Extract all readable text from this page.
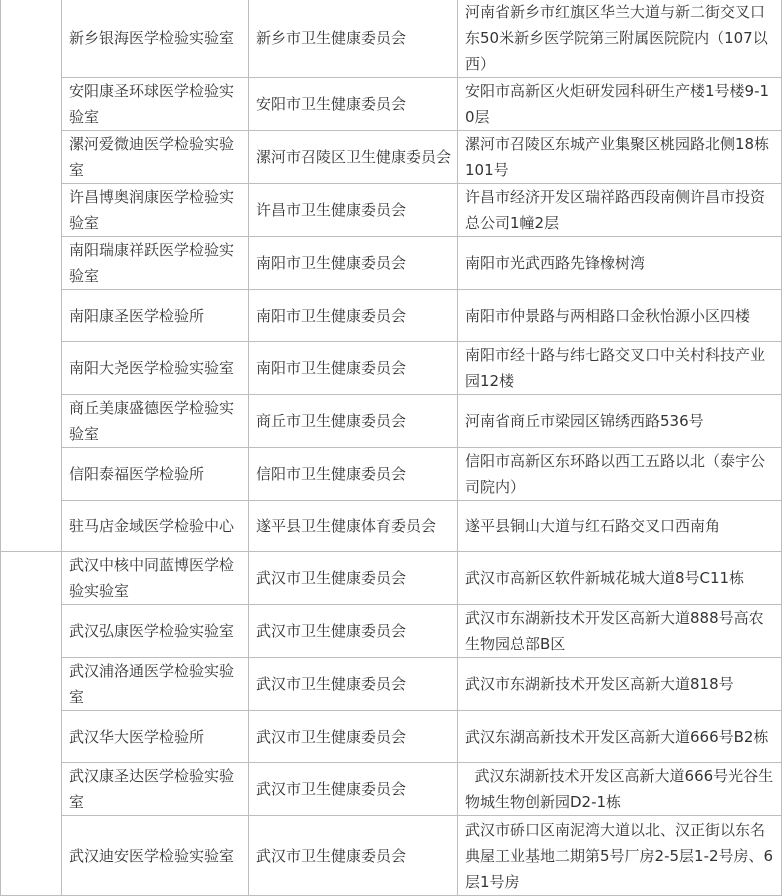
	新乡银海医学检验实验室	新乡市卫生健康委员会	河南省新乡市红旗区华兰大道与新二街交叉口东50米新乡医学院第三附属医院院内（107以西）
	安阳康圣环球医学检验实验室	安阳市卫生健康委员会	安阳市高新区火炬研发园科研生产楼1号楼9-10层
	漯河爱微迪医学检验实验室	漯河市召陵区卫生健康委员会	漯河市召陵区东城产业集聚区桃园路北侧18栋101号
	许昌博奥润康医学检验实验室	许昌市卫生健康委员会	许昌市经济开发区瑞祥路西段南侧许昌市投资总公司1幢2层
	南阳瑞康祥跃医学检验实验室	南阳市卫生健康委员会	南阳市光武西路先锋橡树湾
	南阳康圣医学检验所	南阳市卫生健康委员会	南阳市仲景路与两相路口金秋怡源小区四楼
	南阳大尧医学检验实验室	南阳市卫生健康委员会	南阳市经十路与纬七路交叉口中关村科技产业园12楼
	商丘美康盛德医学检验实验室	商丘市卫生健康委员会	河南省商丘市梁园区锦绣西路536号
	信阳泰福医学检验所	信阳市卫生健康委员会	信阳市高新区东环路以西工五路以北（泰宇公司院内）
	驻马店金域医学检验中心	遂平县卫生健康体育委员会	遂平县铜山大道与红石路交叉口西南角
	武汉中核中同蓝博医学检验实验室	武汉市卫生健康委员会	武汉市高新区软件新城花城大道8号C11栋
	武汉弘康医学检验实验室	武汉市卫生健康委员会	武汉市东湖新技术开发区高新大道888号高农生物园总部B区
	武汉浦洛通医学检验实验室	武汉市卫生健康委员会	武汉市东湖新技术开发区高新大道818号
	武汉华大医学检验所	武汉市卫生健康委员会	武汉东湖高新技术开发区高新大道666号B2栋
	武汉康圣达医学检验实验室	武汉市卫生健康委员会	武汉东湖新技术开发区高新大道666号光谷生物城生物创新园D2-1栋
	武汉迪安医学检验实验室	武汉市卫生健康委员会	武汉市硚口区南泥湾大道以北、汉正街以东名典屋工业基地二期第5号厂房2-5层1-2号房、6层1号房
